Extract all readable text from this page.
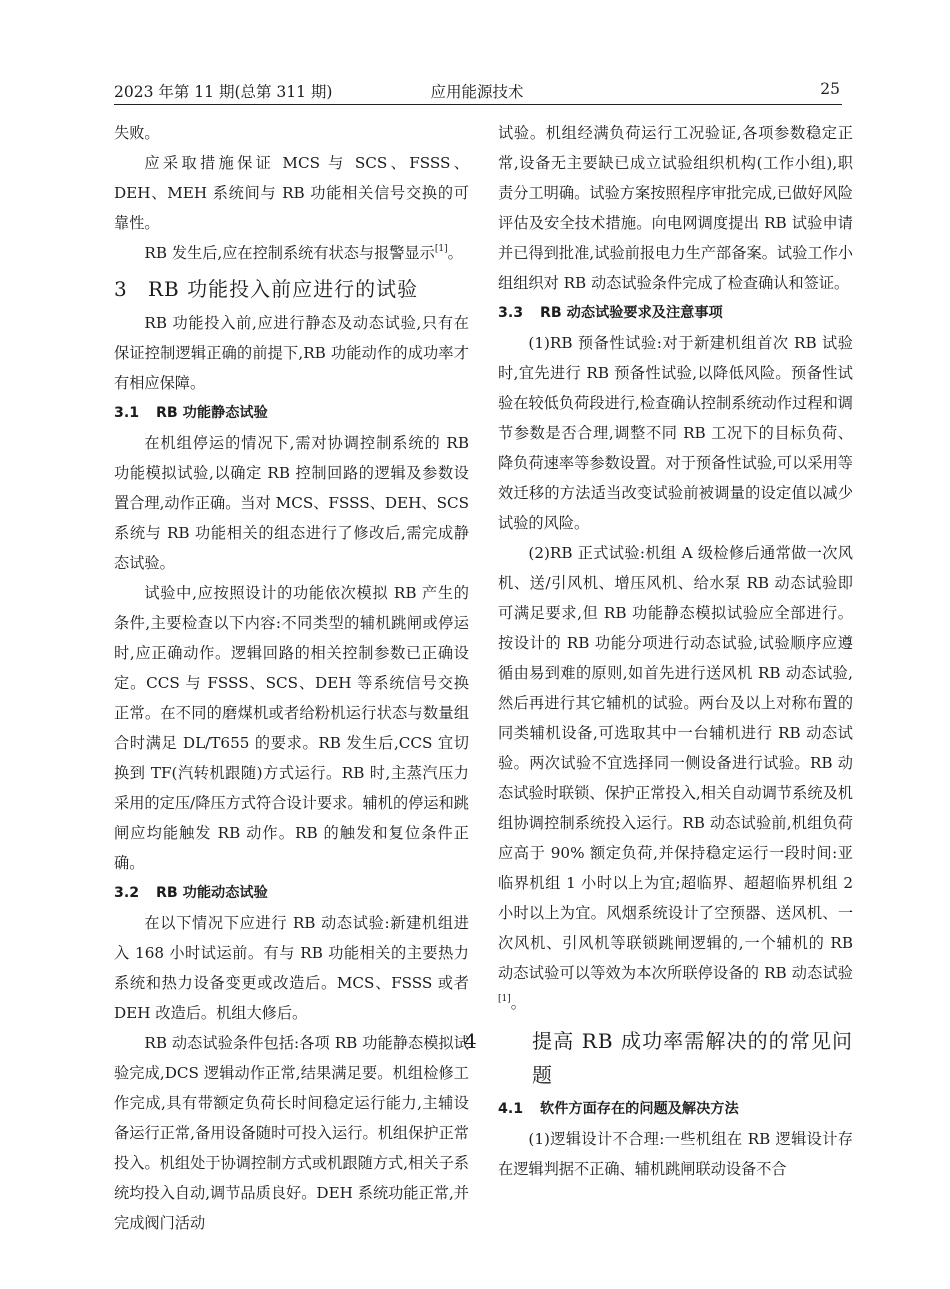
2023 年第 11 期(总第 311 期)	应用能源技术	25

失败。

应采取措施保证 MCS 与 SCS、FSSS、DEH、MEH 系统间与 RB 功能相关信号交换的可靠性。

RB 发生后,应在控制系统有状态与报警显示[1]。

3 RB 功能投入前应进行的试验

RB 功能投入前,应进行静态及动态试验,只有在保证控制逻辑正确的前提下,RB 功能动作的成功率才有相应保障。

3.1 RB 功能静态试验

在机组停运的情况下,需对协调控制系统的 RB 功能模拟试验,以确定 RB 控制回路的逻辑及参数设置合理,动作正确。当对 MCS、FSSS、DEH、SCS 系统与 RB 功能相关的组态进行了修改后,需完成静态试验。

试验中,应按照设计的功能依次模拟 RB 产生的条件,主要检查以下内容:不同类型的辅机跳闸或停运时,应正确动作。逻辑回路的相关控制参数已正确设定。CCS 与 FSSS、SCS、DEH 等系统信号交换正常。在不同的磨煤机或者给粉机运行状态与数量组合时满足 DL/T655 的要求。RB 发生后,CCS 宜切换到 TF(汽转机跟随)方式运行。RB 时,主蒸汽压力采用的定压/降压方式符合设计要求。辅机的停运和跳闸应均能触发 RB 动作。RB 的触发和复位条件正确。

3.2 RB 功能动态试验

在以下情况下应进行 RB 动态试验:新建机组进入 168 小时试运前。有与 RB 功能相关的主要热力系统和热力设备变更或改造后。MCS、FSSS 或者 DEH 改造后。机组大修后。

RB 动态试验条件包括:各项 RB 功能静态模拟试验完成,DCS 逻辑动作正常,结果满足要。机组检修工作完成,具有带额定负荷长时间稳定运行能力,主辅设备运行正常,备用设备随时可投入运行。机组保护正常投入。机组处于协调控制方式或机跟随方式,相关子系统均投入自动,调节品质良好。DEH 系统功能正常,并完成阀门活动

试验。机组经满负荷运行工况验证,各项参数稳定正常,设备无主要缺已成立试验组织机构(工作小组),职责分工明确。试验方案按照程序审批完成,已做好风险评估及安全技术措施。向电网调度提出 RB 试验申请并已得到批准,试验前报电力生产部备案。试验工作小组组织对 RB 动态试验条件完成了检查确认和签证。

3.3 RB 动态试验要求及注意事项

(1)RB 预备性试验:对于新建机组首次 RB 试验时,宜先进行 RB 预备性试验,以降低风险。预备性试验在较低负荷段进行,检查确认控制系统动作过程和调节参数是否合理,调整不同 RB 工况下的目标负荷、降负荷速率等参数设置。对于预备性试验,可以采用等效迁移的方法适当改变试验前被调量的设定值以减少试验的风险。

(2)RB 正式试验:机组 A 级检修后通常做一次风机、送/引风机、增压风机、给水泵 RB 动态试验即可满足要求,但 RB 功能静态模拟试验应全部进行。按设计的 RB 功能分项进行动态试验,试验顺序应遵循由易到难的原则,如首先进行送风机 RB 动态试验,然后再进行其它辅机的试验。两台及以上对称布置的同类辅机设备,可选取其中一台辅机进行 RB 动态试验。两次试验不宜选择同一侧设备进行试验。RB 动态试验时联锁、保护正常投入,相关自动调节系统及机组协调控制系统投入运行。RB 动态试验前,机组负荷应高于 90% 额定负荷,并保持稳定运行一段时间:亚临界机组 1 小时以上为宜;超临界、超超临界机组 2 小时以上为宜。风烟系统设计了空预器、送风机、一次风机、引风机等联锁跳闸逻辑的,一个辅机的 RB 动态试验可以等效为本次所联停设备的 RB 动态试验[1]。

4	提高 RB 成功率需解决的的常见问题
4.1 软件方面存在的问题及解决方法

(1)逻辑设计不合理:一些机组在 RB 逻辑设计存在逻辑判据不正确、辅机跳闸联动设备不合
